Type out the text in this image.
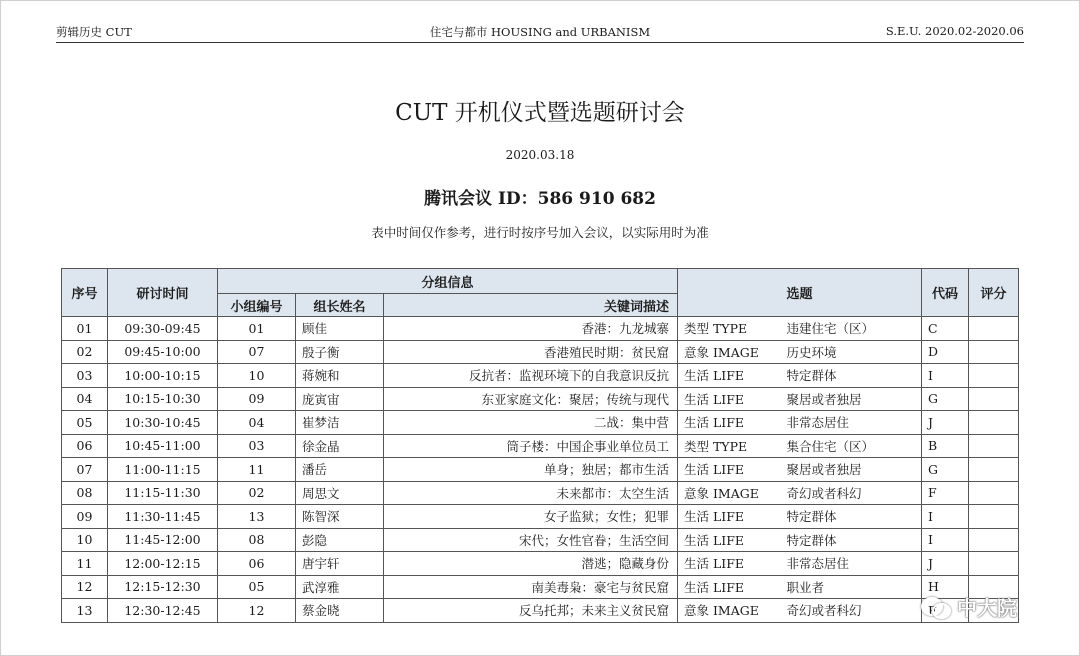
剪辑历史 CUT	住宅与都市 HOUSING and URBANISM	S.E.U. 2020.02-2020.06
CUT 开机仪式暨选题研讨会
2020.03.18
腾讯会议 ID：586 910 682
表中时间仅作参考，进行时按序号加入会议，以实际用时为准
序号	研讨时间	分组信息			选题		代码	评分
		小组编号	组长姓名	关键词描述				
01	09:30-09:45	01	顾佳	香港：九龙城寨	类型 TYPE	违建住宅（区）	C	
02	09:45-10:00	07	殷子衡	香港殖民时期：贫民窟	意象 IMAGE	历史环境	D	
03	10:00-10:15	10	蒋婉和	反抗者：监视环境下的自我意识反抗	生活 LIFE	特定群体	I	
04	10:15-10:30	09	庞寅宙	东亚家庭文化：聚居；传统与现代	生活 LIFE	聚居或者独居	G	
05	10:30-10:45	04	崔梦洁	二战：集中营	生活 LIFE	非常态居住	J	
06	10:45-11:00	03	徐金晶	筒子楼：中国企事业单位员工	类型 TYPE	集合住宅（区）	B	
07	11:00-11:15	11	潘岳	单身；独居；都市生活	生活 LIFE	聚居或者独居	G	
08	11:15-11:30	02	周思文	未来都市：太空生活	意象 IMAGE	奇幻或者科幻	F	
09	11:30-11:45	13	陈智深	女子监狱；女性；犯罪	生活 LIFE	特定群体	I	
10	11:45-12:00	08	彭隐	宋代；女性官眷；生活空间	生活 LIFE	特定群体	I	
11	12:00-12:15	06	唐宇轩	潜逃；隐藏身份	生活 LIFE	非常态居住	J	
12	12:15-12:30	05	武淳雅	南美毒枭：豪宅与贫民窟	生活 LIFE	职业者	H	
13	12:30-12:45	12	蔡金晓	反乌托邦；未来主义贫民窟	意象 IMAGE	奇幻或者科幻	F	中大院
